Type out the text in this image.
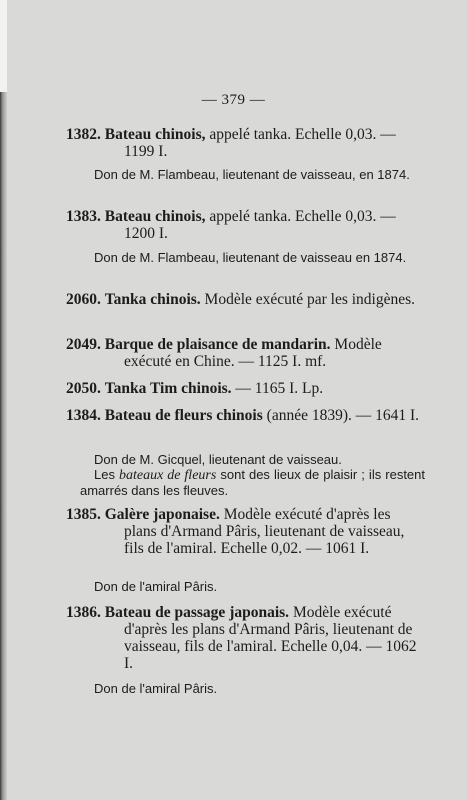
— 379 —
1382. Bateau chinois, appelé tanka. Echelle 0,03. — 1199 I.
Don de M. Flambeau, lieutenant de vaisseau, en 1874.
1383. Bateau chinois, appelé tanka. Echelle 0,03. — 1200 I.
Don de M. Flambeau, lieutenant de vaisseau en 1874.
2060. Tanka chinois. Modèle exécuté par les indigènes.
2049. Barque de plaisance de mandarin. Modèle exécuté en Chine. — 1125 I. mf.
2050. Tanka Tim chinois. — 1165 I. Lp.
1384. Bateau de fleurs chinois (année 1839). — 1641 I.
Don de M. Gicquel, lieutenant de vaisseau.
Les bateaux de fleurs sont des lieux de plaisir ; ils restent amarrés dans les fleuves.
1385. Galère japonaise. Modèle exécuté d'après les plans d'Armand Pâris, lieutenant de vaisseau, fils de l'amiral. Echelle 0,02. — 1061 I.
Don de l'amiral Pâris.
1386. Bateau de passage japonais. Modèle exécuté d'après les plans d'Armand Pâris, lieutenant de vaisseau, fils de l'amiral. Echelle 0,04. — 1062 I.
Don de l'amiral Pâris.
